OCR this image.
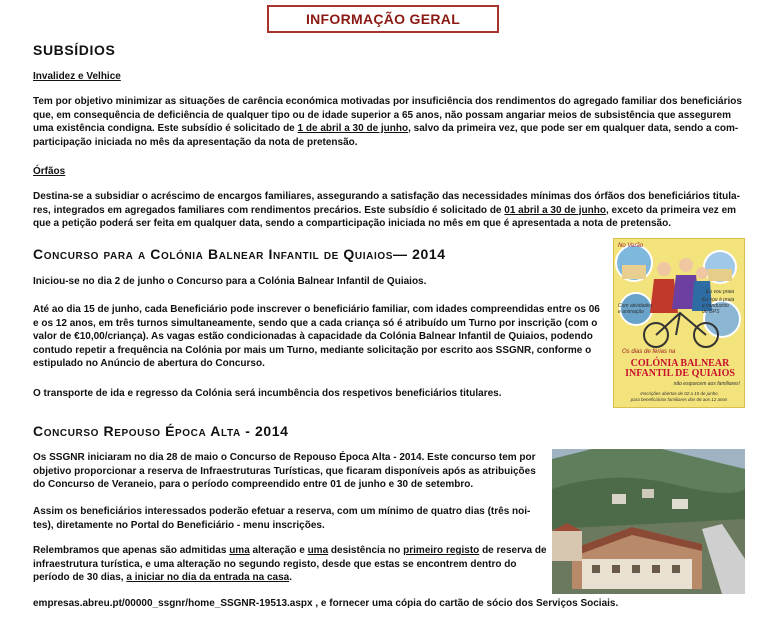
INFORMAÇÃO GERAL
SUBSÍDIOS
Invalidez e Velhice
Tem por objetivo minimizar as situações de carência económica motivadas por insuficiência dos rendimentos do agregado familiar dos beneficiários
que, em consequência de deficiência de qualquer tipo ou de idade superior a 65 anos, não possam angariar meios de subsistência que assegurem
uma existência condigna. Este subsídio é solicitado de 1 de abril a 30 de junho, salvo da primeira vez, que pode ser em qualquer data, sendo a com-
participação iniciada no mês da apresentação da nota de pretensão.
Órfãos
Destina-se a subsidiar o acréscimo de encargos familiares, assegurando a satisfação das necessidades mínimas dos órfãos dos beneficiários titula-
res, integrados em agregados familiares com rendimentos precários. Este subsídio é solicitado de 01 abril a 30 de junho, exceto da primeira vez em
que a petição poderá ser feita em qualquer data, sendo a comparticipação iniciada no mês em que é apresentada a nota de pretensão.
Concurso para a Colónia Balnear Infantil de Quiaios— 2014
Iniciou-se no dia 2 de junho o Concurso para a Colónia Balnear Infantil de Quiaios.
Até ao dia 15 de junho, cada Beneficiário pode inscrever o beneficiário familiar, com idades compreendidas entre os 06
e os 12 anos, em três turnos simultaneamente, sendo que a cada criança só é atribuído um Turno por inscrição (com o
valor de €10,00/criança). As vagas estão condicionadas à capacidade da Colónia Balnear Infantil de Quiaios, podendo
contudo repetir a frequência na Colónia por mais um Turno, mediante solicitação por escrito aos SSGNR, conforme o
estipulado no Anúncio de abertura do Concurso.
O transporte de ida e regresso da Colónia será incumbência dos respetivos beneficiários titulares.
No Verão
Eu vou praia
Com atividades
e animação
Eu vou à praia
e conduzido
de GPS
Os dias de férias na
COLÓNIA BALNEAR
INFANTIL DE QUIAIOS
não esquecem aos familiares!
Inscrições abertas de 02 a 15 de junho
para beneficiários familiares dos 06 aos 12 anos
Concurso Repouso Época Alta - 2014
Os SSGNR iniciaram no dia 28 de maio o Concurso de Repouso Época Alta - 2014. Este concurso tem por
objetivo proporcionar a reserva de Infraestruturas Turísticas, que ficaram disponíveis após as atribuições
do Concurso de Veraneio, para o período compreendido entre 01 de junho e 30 de setembro.
Assim os beneficiários interessados poderão efetuar a reserva, com um mínimo de quatro dias (três noi-
tes), diretamente no Portal do Beneficiário - menu inscrições.
Relembramos que apenas são admitidas uma alteração e uma desistência no primeiro registo de reserva de
infraestrutura turística, e uma alteração no segundo registo, desde que estas se encontrem dentro do
período de 30 dias, a iniciar no dia da entrada na casa.
empresas.abreu.pt/00000_ssgnr/home_SSGNR-19513.aspx , e fornecer uma cópia do cartão de sócio dos Serviços Sociais.
